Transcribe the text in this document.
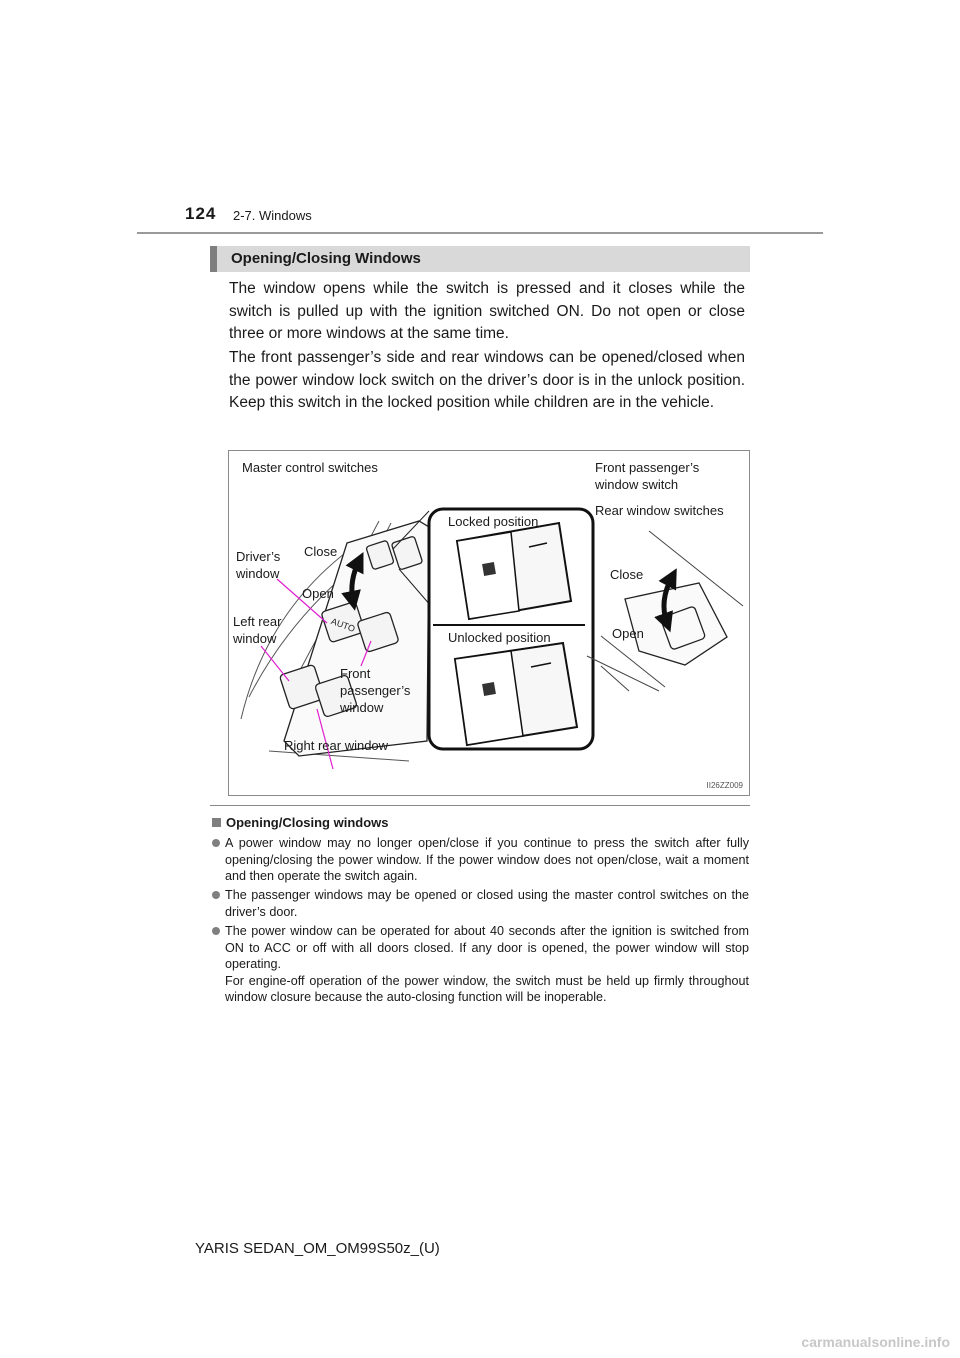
124 2-7. Windows
Opening/Closing Windows
The window opens while the switch is pressed and it closes while the switch is pulled up with the ignition switched ON. Do not open or close three or more windows at the same time.
The front passenger’s side and rear windows can be opened/closed when the power window lock switch on the driver’s door is in the unlock position. Keep this switch in the locked position while children are in the vehicle.
AUTO
Master control switches	Front passenger’s window switch
Rear window switches
Locked position
Unlocked position
Driver’s window
Close
Open
Left rear window
Front passenger’s window
Right rear window
Close
Open
II26ZZ009
Opening/Closing windows
A power window may no longer open/close if you continue to press the switch after fully opening/closing the power window. If the power window does not open/close, wait a moment and then operate the switch again.
The passenger windows may be opened or closed using the master control switches on the driver’s door.
The power window can be operated for about 40 seconds after the ignition is switched from ON to ACC or off with all doors closed. If any door is opened, the power window will stop operating.
For engine-off operation of the power window, the switch must be held up firmly throughout window closure because the auto-closing function will be inoperable.
YARIS SEDAN_OM_OM99S50z_(U)
carmanualsonline.info
